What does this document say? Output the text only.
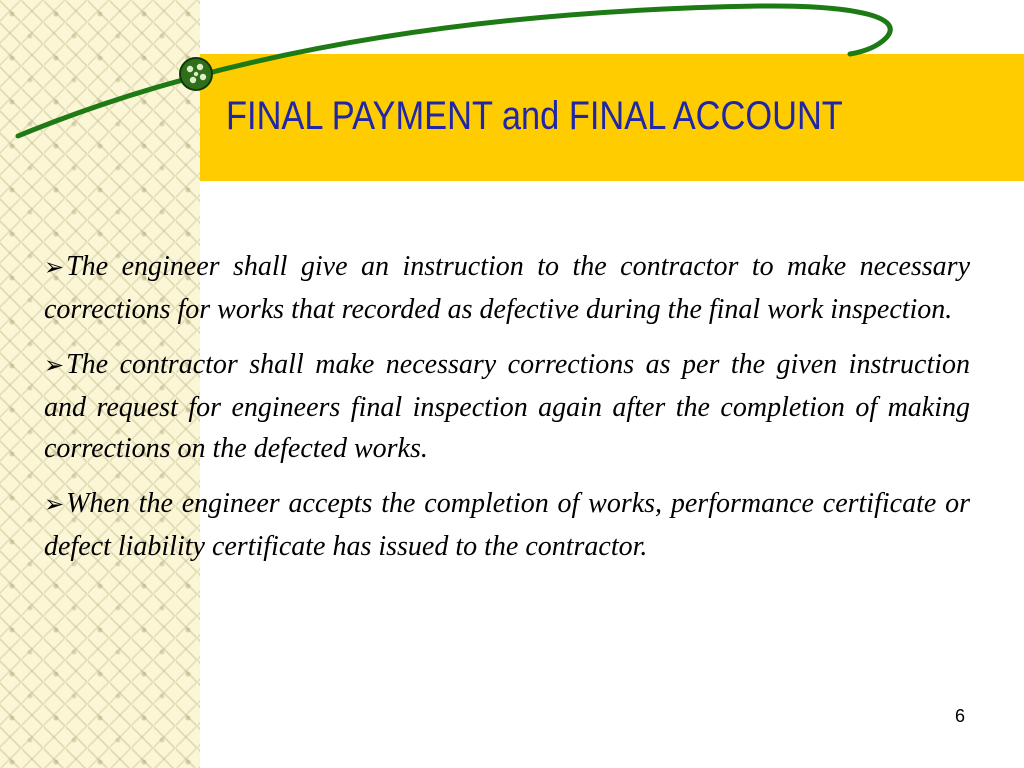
FINAL PAYMENT and FINAL ACCOUNT

➢The engineer shall give an instruction to the contractor to make necessary corrections for works that recorded as defective during the final work inspection.

➢The contractor shall make necessary corrections as per the given instruction and request for engineers final inspection again after the completion of making corrections on the defected works.

➢When the engineer accepts the completion of works, performance certificate or defect liability certificate has issued to the contractor.

6
